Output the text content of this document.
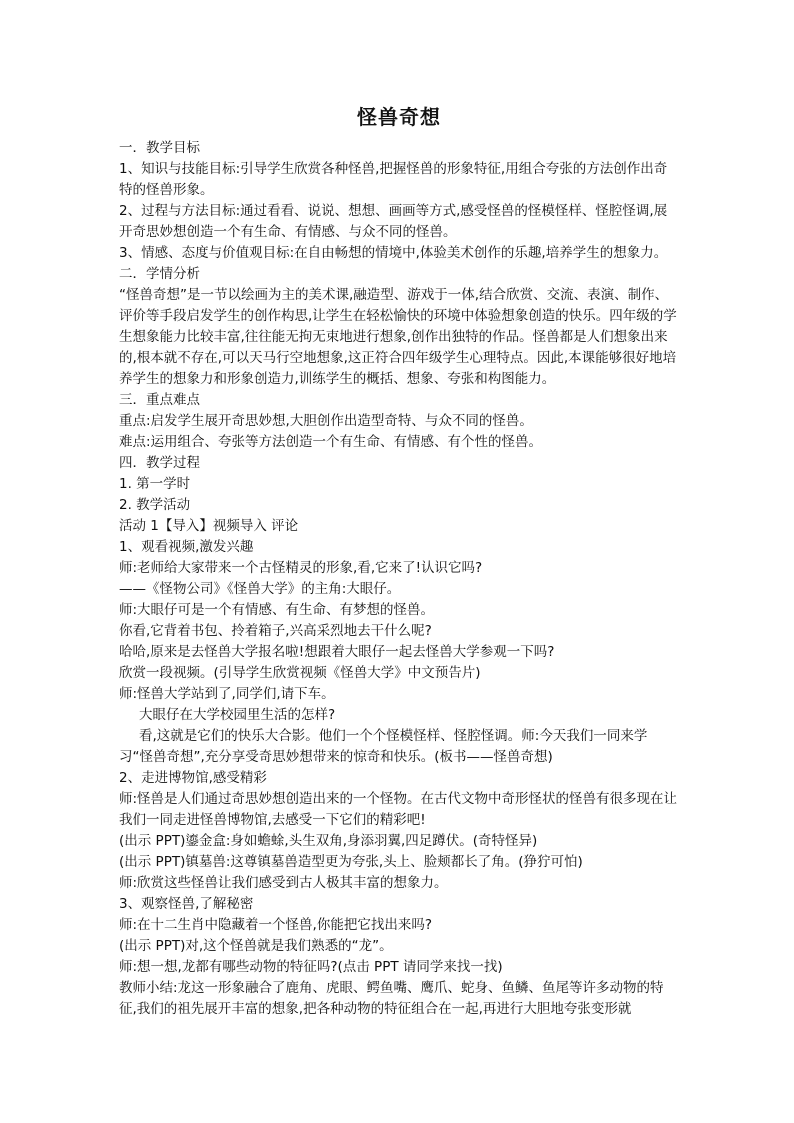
怪兽奇想

一．教学目标

1、知识与技能目标:引导学生欣赏各种怪兽,把握怪兽的形象特征,用组合夸张的方法创作出奇特的怪兽形象。

2、过程与方法目标:通过看看、说说、想想、画画等方式,感受怪兽的怪模怪样、怪腔怪调,展开奇思妙想创造一个有生命、有情感、与众不同的怪兽。

3、情感、态度与价值观目标:在自由畅想的情境中,体验美术创作的乐趣,培养学生的想象力。

二．学情分析

“怪兽奇想”是一节以绘画为主的美术课,融造型、游戏于一体,结合欣赏、交流、表演、制作、评价等手段启发学生的创作构思,让学生在轻松愉快的环境中体验想象创造的快乐。四年级的学生想象能力比较丰富,往往能无拘无束地进行想象,创作出独特的作品。怪兽都是人们想象出来的,根本就不存在,可以天马行空地想象,这正符合四年级学生心理特点。因此,本课能够很好地培养学生的想象力和形象创造力,训练学生的概括、想象、夸张和构图能力。

三．重点难点

重点:启发学生展开奇思妙想,大胆创作出造型奇特、与众不同的怪兽。

难点:运用组合、夸张等方法创造一个有生命、有情感、有个性的怪兽。

四．教学过程

1. 第一学时

2. 教学活动

活动 1【导入】视频导入 评论

1、观看视频,激发兴趣

师:老师给大家带来一个古怪精灵的形象,看,它来了!认识它吗?

——《怪物公司》《怪兽大学》的主角:大眼仔。

师:大眼仔可是一个有情感、有生命、有梦想的怪兽。

你看,它背着书包、拎着箱子,兴高采烈地去干什么呢?

哈哈,原来是去怪兽大学报名啦!想跟着大眼仔一起去怪兽大学参观一下吗?

欣赏一段视频。(引导学生欣赏视频《怪兽大学》中文预告片)

师:怪兽大学站到了,同学们,请下车。

大眼仔在大学校园里生活的怎样?

看,这就是它们的快乐大合影。他们一个个怪模怪样、怪腔怪调。师:今天我们一同来学习“怪兽奇想”,充分享受奇思妙想带来的惊奇和快乐。(板书——怪兽奇想)

2、走进博物馆,感受精彩

师:怪兽是人们通过奇思妙想创造出来的一个怪物。在古代文物中奇形怪状的怪兽有很多现在让我们一同走进怪兽博物馆,去感受一下它们的精彩吧!

(出示 PPT)鎏金盒:身如蟾蜍,头生双角,身添羽翼,四足蹲伏。(奇特怪异)

(出示 PPT)镇墓兽:这尊镇墓兽造型更为夸张,头上、脸颊都长了角。(狰狞可怕)

师:欣赏这些怪兽让我们感受到古人极其丰富的想象力。

3、观察怪兽,了解秘密

师:在十二生肖中隐藏着一个怪兽,你能把它找出来吗?

(出示 PPT)对,这个怪兽就是我们熟悉的“龙”。

师:想一想,龙都有哪些动物的特征吗?(点击 PPT 请同学来找一找)

教师小结:龙这一形象融合了鹿角、虎眼、鳄鱼嘴、鹰爪、蛇身、鱼鳞、鱼尾等许多动物的特征,我们的祖先展开丰富的想象,把各种动物的特征组合在一起,再进行大胆地夸张变形就
